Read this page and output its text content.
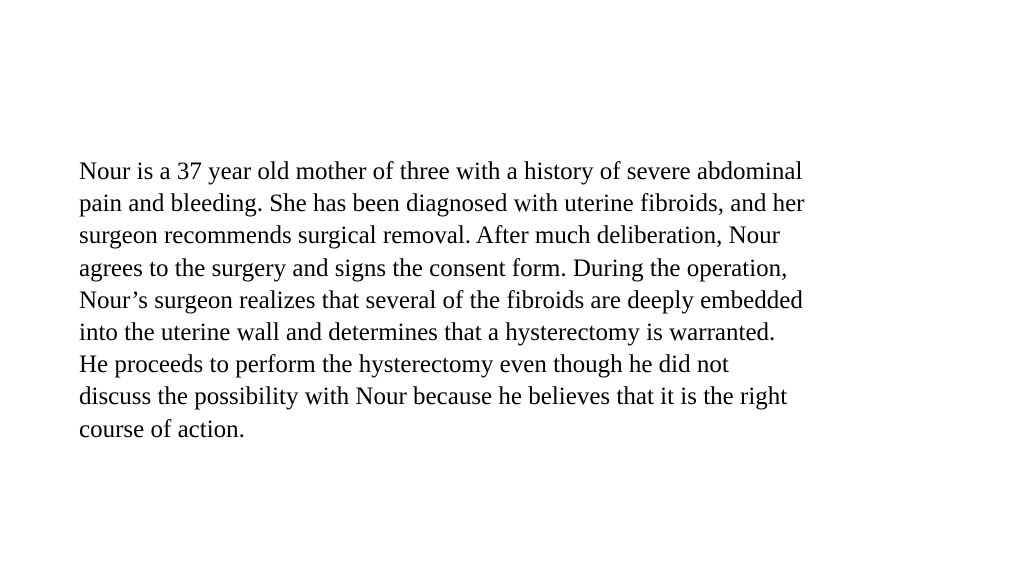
Nour is a 37 year old mother of three with a history of severe abdominal
pain and bleeding. She has been diagnosed with uterine fibroids, and her
surgeon recommends surgical removal. After much deliberation, Nour
agrees to the surgery and signs the consent form. During the operation,
Nour’s surgeon realizes that several of the fibroids are deeply embedded
into the uterine wall and determines that a hysterectomy is warranted.
He proceeds to perform the hysterectomy even though he did not
discuss the possibility with Nour because he believes that it is the right
course of action.
